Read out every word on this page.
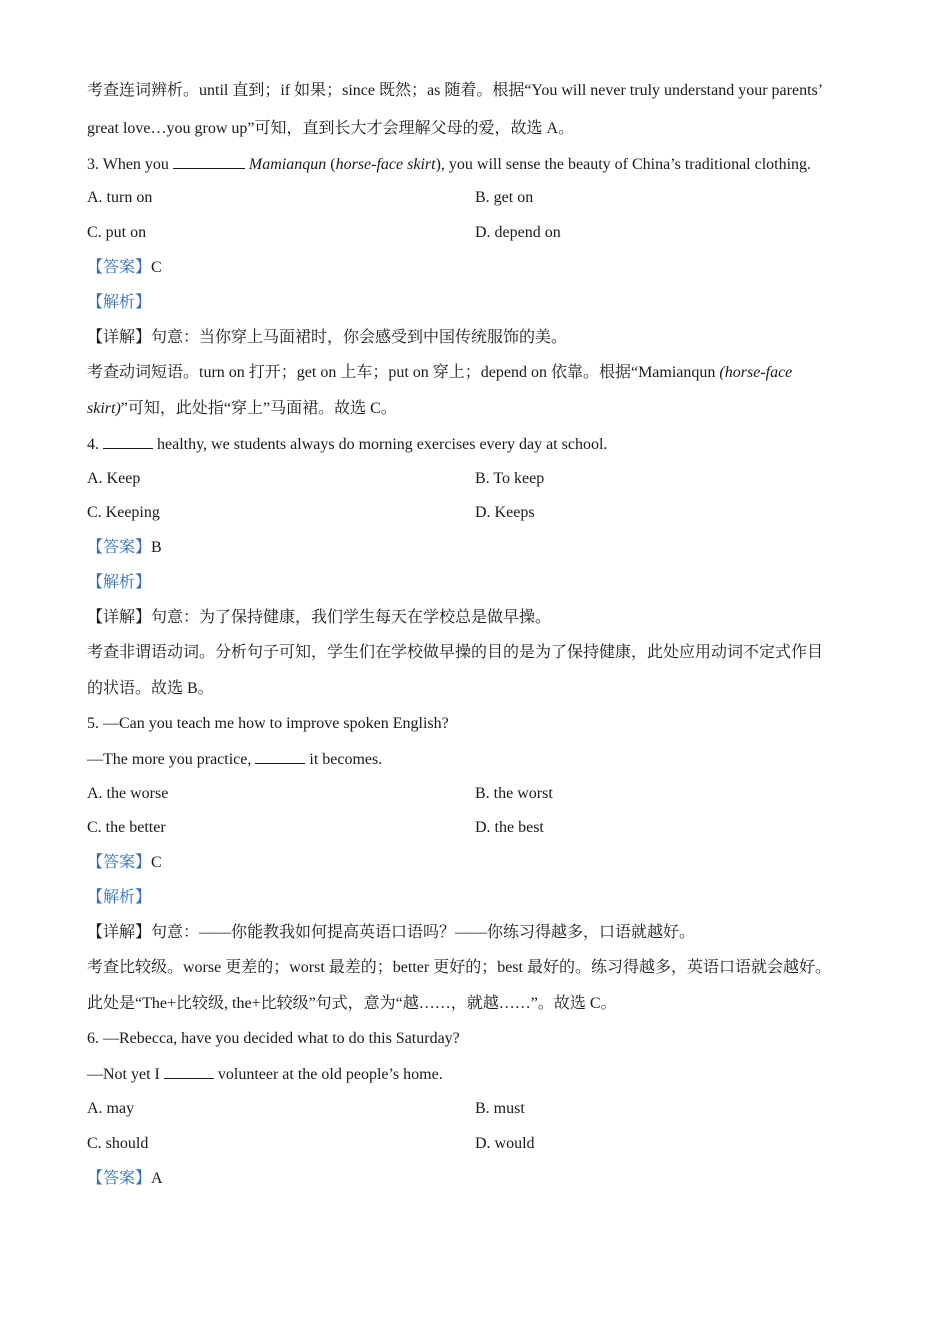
考查连词辨析。until 直到；if 如果；since 既然；as 随着。根据“You will never truly understand your parents’
great love…you grow up”可知，直到长大才会理解父母的爱，故选 A。
3. When you	Mamianqun (horse-face skirt), you will sense the beauty of China’s traditional clothing.
A. turn on	B. get on
C. put on	D. depend on
【答案】C
【解析】
【详解】句意：当你穿上马面裙时，你会感受到中国传统服饰的美。
考查动词短语。turn on 打开；get on 上车；put on 穿上；depend on 依靠。根据“Mamianqun (horse-face
skirt)”可知，此处指“穿上”马面裙。故选 C。
4.	healthy, we students always do morning exercises every day at school.
A. Keep	B. To keep
C. Keeping	D. Keeps
【答案】B
【解析】
【详解】句意：为了保持健康，我们学生每天在学校总是做早操。
考查非谓语动词。分析句子可知，学生们在学校做早操的目的是为了保持健康，此处应用动词不定式作目
的状语。故选 B。
5. —Can you teach me how to improve spoken English?
—The more you practice,	it becomes.
A. the worse	B. the worst
C. the better	D. the best
【答案】C
【解析】
【详解】句意：——你能教我如何提高英语口语吗？——你练习得越多，口语就越好。
考查比较级。worse 更差的；worst 最差的；better 更好的；best 最好的。练习得越多，英语口语就会越好。
此处是“The+比较级, the+比较级”句式，意为“越……，就越……”。故选 C。
6. —Rebecca, have you decided what to do this Saturday?
—Not yet I	volunteer at the old people’s home.
A. may	B. must
C. should	D. would
【答案】A
